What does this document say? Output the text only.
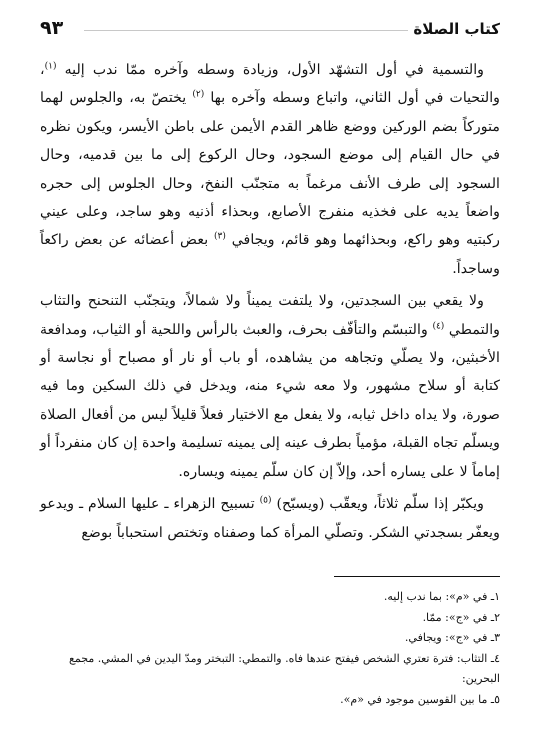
كتاب الصلاة
٩٣

والتسمية في أول التشهّد الأول، وزيادة وسطه وآخره ممّا ندب إليه $^{(١)}$، والتحيات في أول الثاني، واتباع وسطه وآخره بها $^{(٢)}$ يختصّ به، والجلوس لهما متوركاً بضم الوركين ووضع ظاهر القدم الأيمن على باطن الأيسر، ويكون نظره في حال القيام إلى موضع السجود، وحال الركوع إلى ما بين قدميه، وحال السجود إلى طرف الأنف مرغماً به متجنّب النفخ، وحال الجلوس إلى حجره واضعاً يديه على فخذيه منفرج الأصابع، وبحذاء أذنيه وهو ساجد، وعلى عيني ركبتيه وهو راكع، وبحذائهما وهو قائم، ويجافي $^{(٣)}$ بعض أعضائه عن بعض راكعاً وساجداً.

ولا يقعي بين السجدتين، ولا يلتفت يميناً ولا شمالاً، ويتجنّب التنحنح والتثاب والتمطي $^{(٤)}$ والتبسّم والتأفّف بحرف، والعبث بالرأس واللحية أو الثياب، ومدافعة الأخبثين، ولا يصلّي وتجاهه من يشاهده، أو باب أو نار أو مصباح أو نجاسة أو كتابة أو سلاح مشهور، ولا معه شيء منه، ويدخل في ذلك السكين وما فيه صورة، ولا يداه داخل ثيابه، ولا يفعل مع الاختيار فعلاً قليلاً ليس من أفعال الصلاة ويسلّم تجاه القبلة، مؤمياً بطرف عينه إلى يمينه تسليمة واحدة إن كان منفرداً أو إماماً لا على يساره أحد، وإلاّ إن كان سلّم يمينه ويساره.

ويكبّر إذا سلّم ثلاثاً، ويعقّب (ويسبّح) $^{(٥)}$ تسبيح الزهراء ـ عليها السلام ـ ويدعو ويعفّر بسجدتي الشكر. وتصلّي المرأة كما وصفناه وتختص استحباباً بوضع

١ـ في «م»: بما ندب إليه.
٢ـ في «ج»: ممّا.
٣ـ في «ج»: ويجافي.
٤ـ التثاب: فترة تعتري الشخص فيفتح عندها فاه. والتمطي: التبختر ومدّ اليدين في المشي. مجمع البحرين:
٥ـ ما بين القوسين موجود في «م».
